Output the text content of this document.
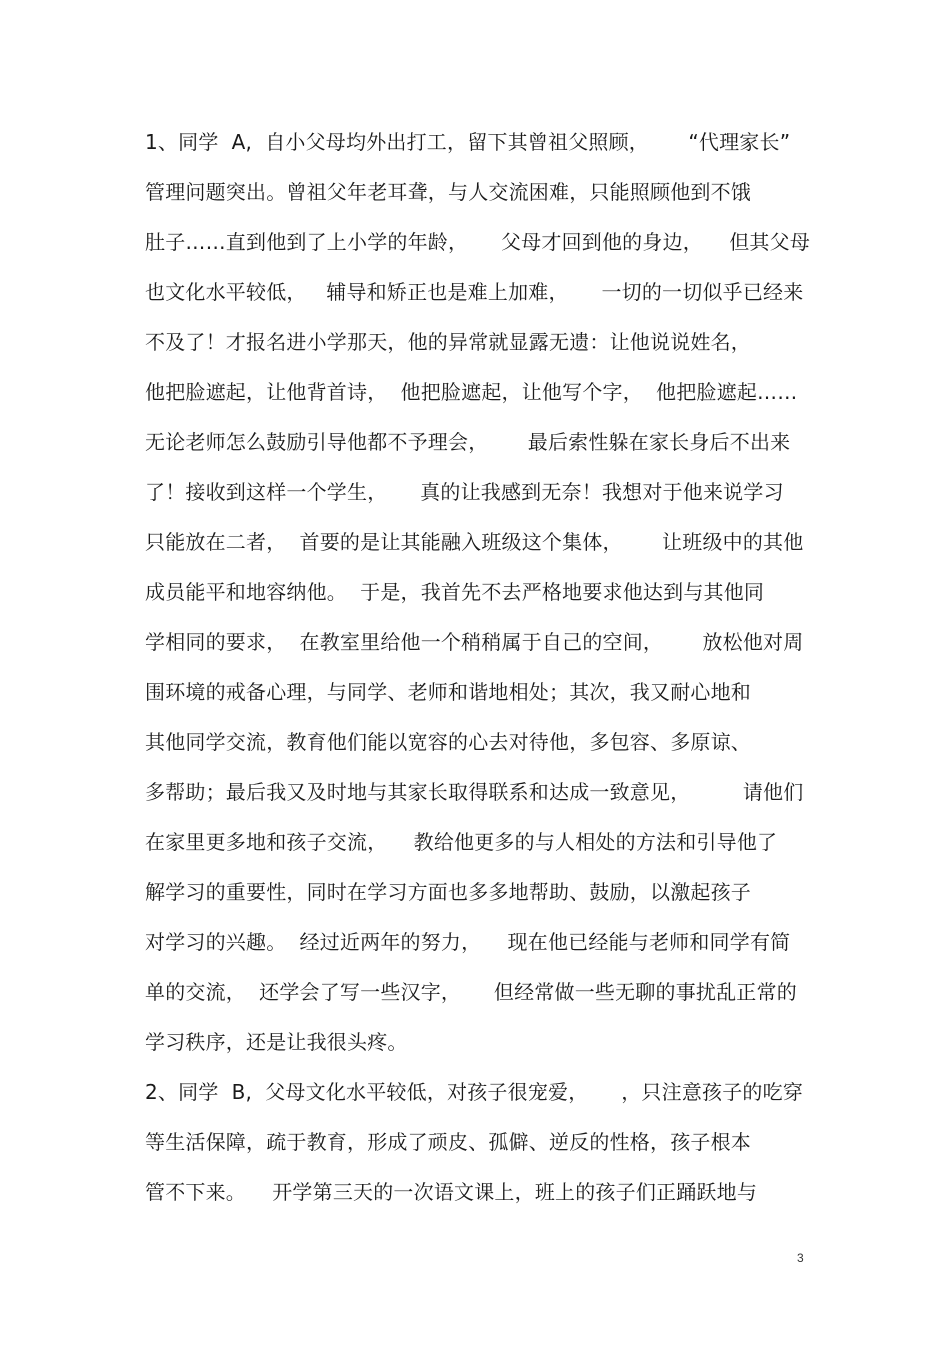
1、同学  A,  自小父母均外出打工，留下其曾祖父照顾，      “代理家长”
管理问题突出。曾祖父年老耳聋，与人交流困难，只能照顾他到不饿
肚子……直到他到了上小学的年龄，     父母才回到他的身边，    但其父母
也文化水平较低，   辅导和矫正也是难上加难，     一切的一切似乎已经来
不及了！才报名进小学那天，他的异常就显露无遗：让他说说姓名，
他把脸遮起，让他背首诗，  他把脸遮起，让他写个字，  他把脸遮起……
无论老师怎么鼓励引导他都不予理会，      最后索性躲在家长身后不出来
了！接收到这样一个学生，     真的让我感到无奈！我想对于他来说学习
只能放在二者，  首要的是让其能融入班级这个集体，      让班级中的其他
成员能平和地容纳他。  于是，我首先不去严格地要求他达到与其他同
学相同的要求，  在教室里给他一个稍稍属于自己的空间，      放松他对周
围环境的戒备心理，与同学、老师和谐地相处；其次，我又耐心地和
其他同学交流，教育他们能以宽容的心去对待他，多包容、多原谅、
多帮助；最后我又及时地与其家长取得联系和达成一致意见，        请他们
在家里更多地和孩子交流，    教给他更多的与人相处的方法和引导他了
解学习的重要性，同时在学习方面也多多地帮助、鼓励，以激起孩子
对学习的兴趣。  经过近两年的努力，    现在他已经能与老师和同学有简
单的交流，  还学会了写一些汉字，     但经常做一些无聊的事扰乱正常的
学习秩序，还是让我很头疼。
2、同学  B,  父母文化水平较低，对孩子很宠爱，     ，只注意孩子的吃穿
等生活保障，疏于教育，形成了顽皮、孤僻、逆反的性格，孩子根本
管不下来。    开学第三天的一次语文课上，班上的孩子们正踊跃地与
3
